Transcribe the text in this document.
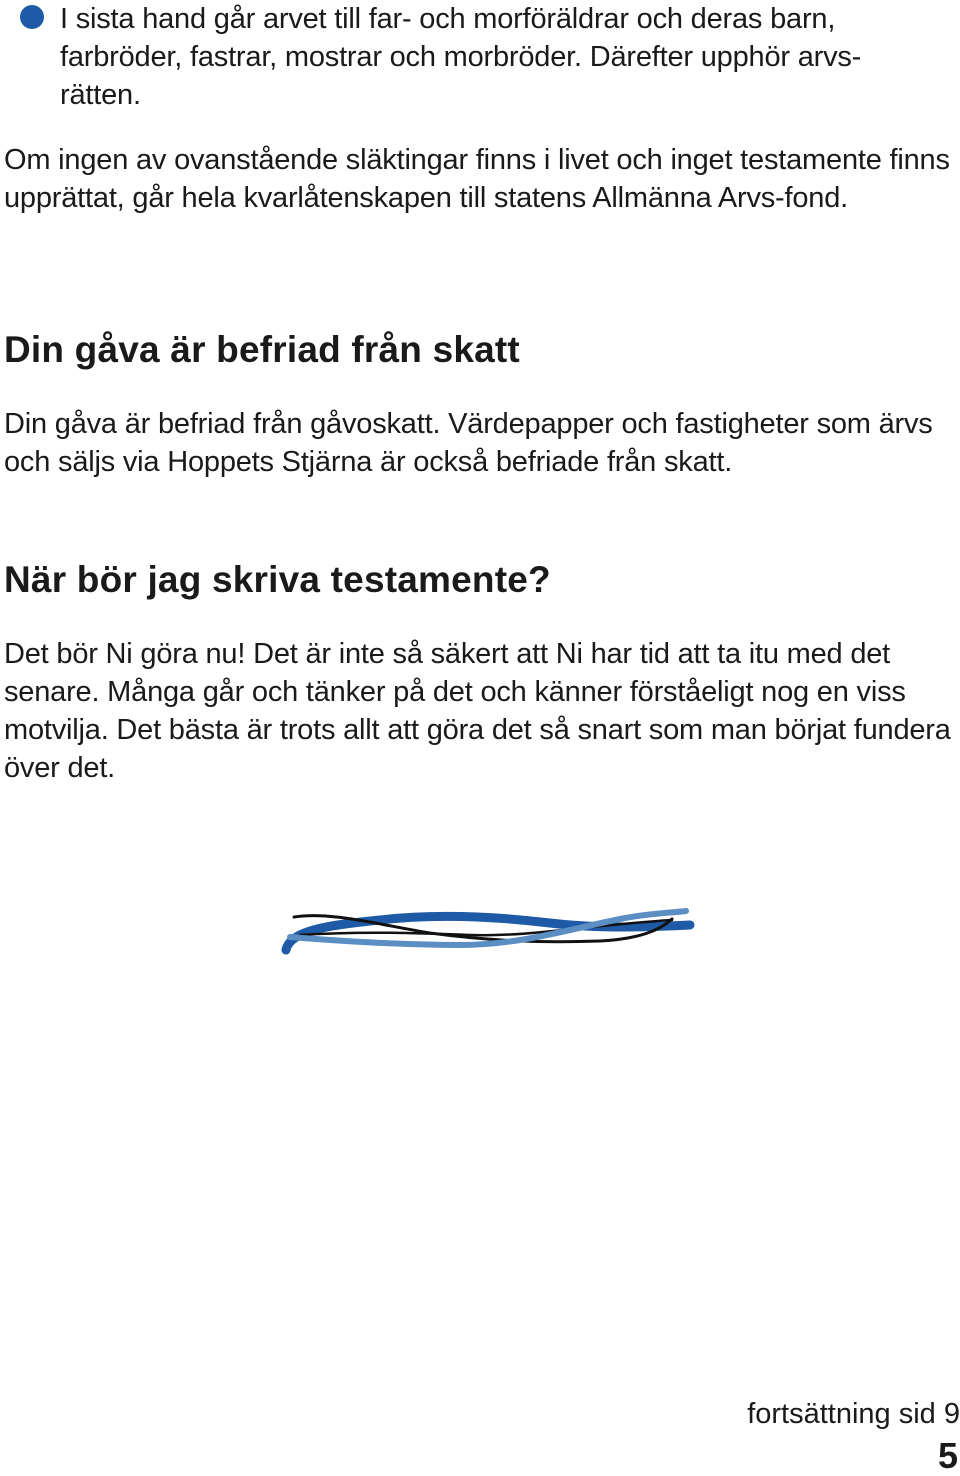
I sista hand går arvet till far- och morföräldrar och deras barn, farbröder, fastrar, mostrar och morbröder. Därefter upphör arvs-rätten.

Om ingen av ovanstående släktingar finns i livet och inget testamente finns upprättat, går hela kvarlåtenskapen till statens Allmänna Arvs-fond.

Din gåva är befriad från skatt

Din gåva är befriad från gåvoskatt. Värdepapper och fastigheter som ärvs och säljs via Hoppets Stjärna är också befriade från skatt.

När bör jag skriva testamente?

Det bör Ni göra nu! Det är inte så säkert att Ni har tid att ta itu med det senare. Många går och tänker på det och känner förståeligt nog en viss motvilja. Det bästa är trots allt att göra det så snart som man börjat fundera över det.

fortsättning sid 9
5
